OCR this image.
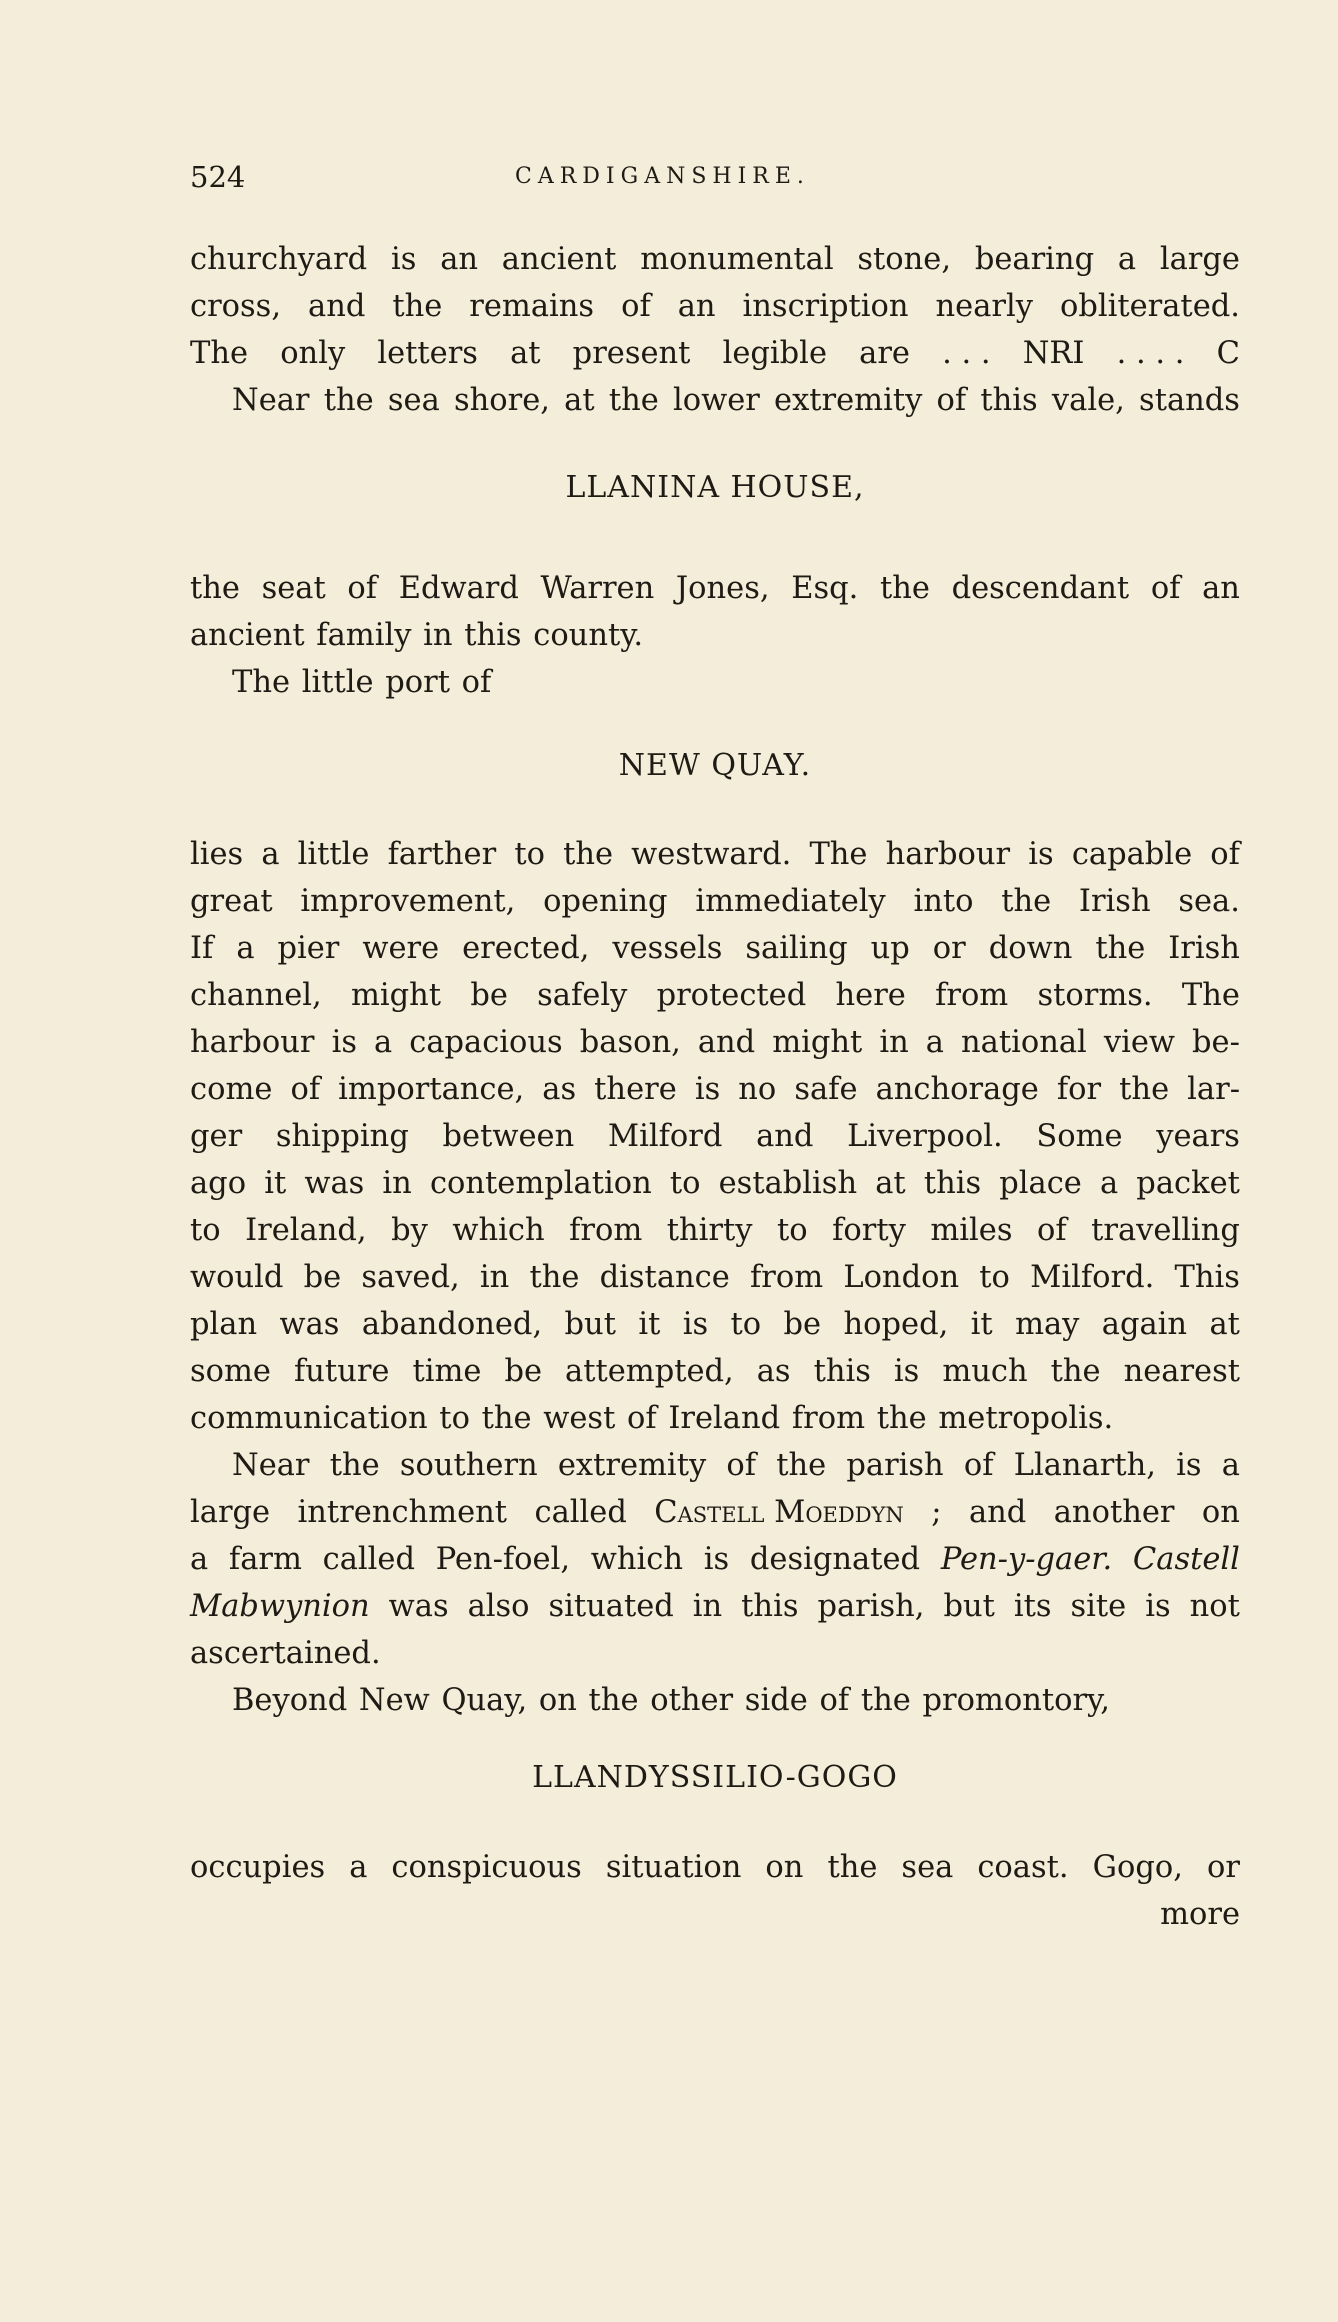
524	CARDIGANSHIRE.
churchyard is an ancient monumental stone, bearing a large
cross, and the remains of an inscription nearly obliterated.
The only letters at present legible are . . . NRI . . . . C
Near the sea shore, at the lower extremity of this vale, stands
LLANINA HOUSE,
the seat of Edward Warren Jones, Esq. the descendant of an
ancient family in this county.
The little port of
NEW QUAY.
lies a little farther to the westward. The harbour is capable of
great improvement, opening immediately into the Irish sea.
If a pier were erected, vessels sailing up or down the Irish
channel, might be safely protected here from storms. The
harbour is a capacious bason, and might in a national view be-
come of importance, as there is no safe anchorage for the lar-
ger shipping between Milford and Liverpool. Some years
ago it was in contemplation to establish at this place a packet
to Ireland, by which from thirty to forty miles of travelling
would be saved, in the distance from London to Milford. This
plan was abandoned, but it is to be hoped, it may again at
some future time be attempted, as this is much the nearest
communication to the west of Ireland from the metropolis.
Near the southern extremity of the parish of Llanarth, is a
large intrenchment called Castell Moeddyn ; and another on
a farm called Pen-foel, which is designated Pen-y-gaer. Castell
Mabwynion was also situated in this parish, but its site is not
ascertained.
Beyond New Quay, on the other side of the promontory,
LLANDYSSILIO-GOGO
occupies a conspicuous situation on the sea coast. Gogo, or
more
